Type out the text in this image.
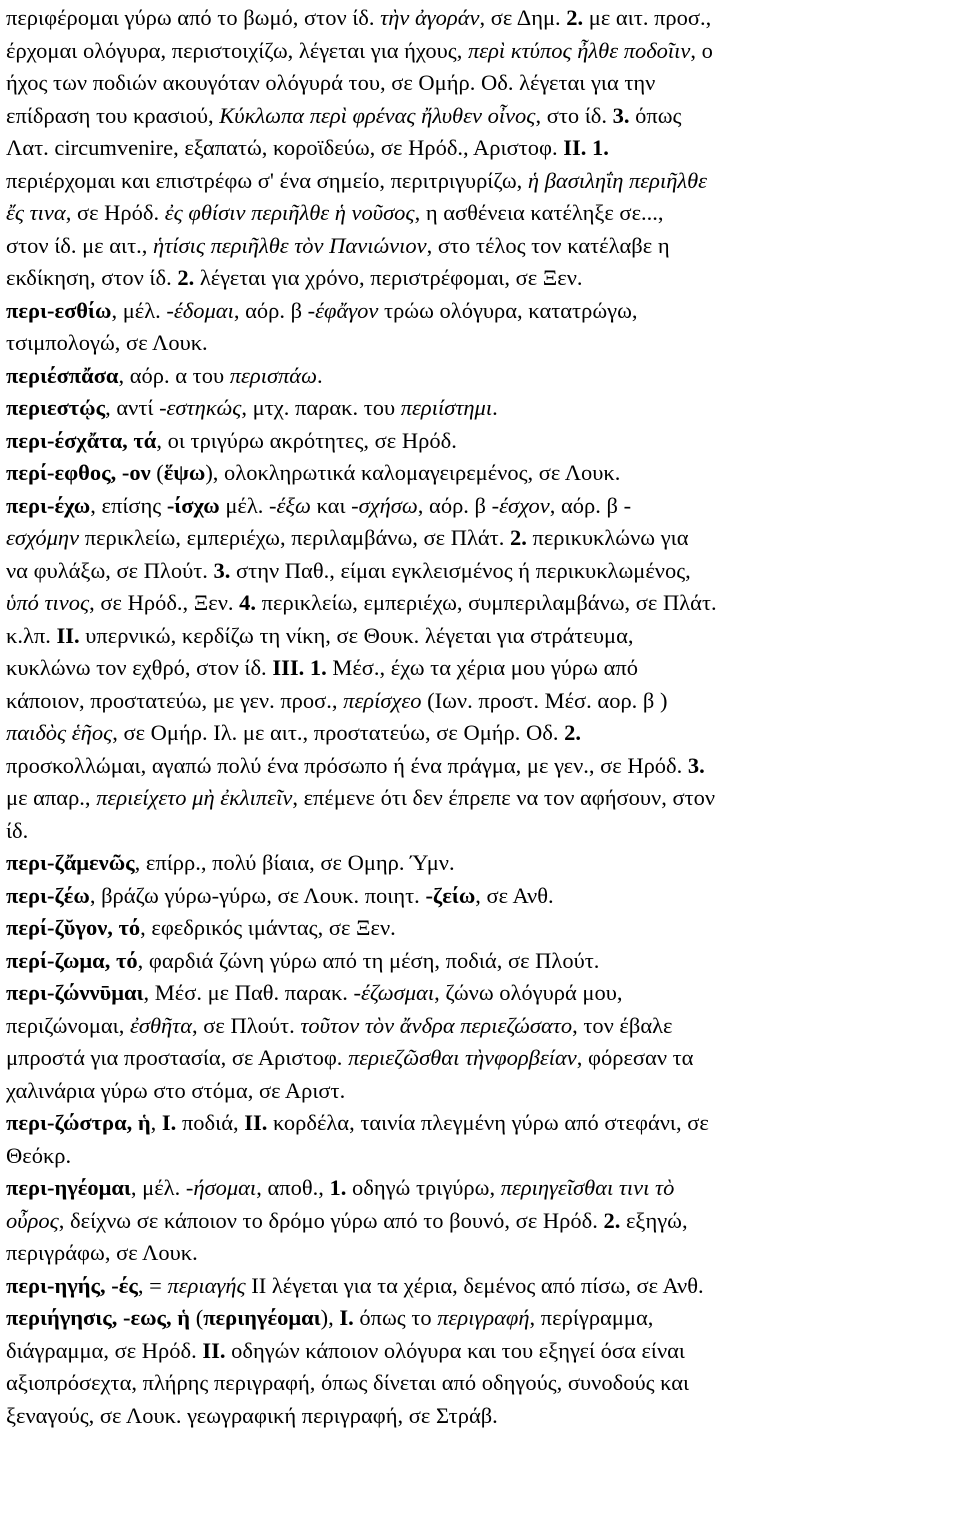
περιφέρομαι γύρω από το βωμό, στον ίδ. τὴν ἀγοράν, σε Δημ. 2. με αιτ. προσ.,
έρχομαι ολόγυρα, περιστοιχίζω, λέγεται για ήχους, περὶ κτύπος ἦλθε ποδοῖιν, ο
ήχος των ποδιών ακουγόταν ολόγυρά του, σε Ομήρ. Οδ. λέγεται για την
επίδραση του κρασιού, Κύκλωπα περὶ φρένας ἤλυθεν οἶνος, στο ίδ. 3. όπως
Λατ. circumvenire, εξαπατώ, κοροϊδεύω, σε Ηρόδ., Αριστοφ. II. 1.
περιέρχομαι και επιστρέφω σ' ένα σημείο, περιτριγυρίζω, ἡ βασιληΐη περιῆλθε
ἔς τινα, σε Ηρόδ. ἐς φθίσιν περιῆλθε ἡ νοῦσος, η ασθένεια κατέληξε σε...,
στον ίδ. με αιτ., ἡτίσις περιῆλθε τὸν Πανιώνιον, στο τέλος τον κατέλαβε η
εκδίκηση, στον ίδ. 2. λέγεται για χρόνο, περιστρέφομαι, σε Ξεν.
περι-εσθίω, μέλ. -έδομαι, αόρ. β -έφἄγον τρώω ολόγυρα, κατατρώγω,
τσιμπολογώ, σε Λουκ.
περιέσπἄσα, αόρ. α του περισπάω.
περιεστῴς, αντί -εστηκώς, μτχ. παρακ. του περιίστημι.
περι-έσχἄτα, τά, οι τριγύρω ακρότητες, σε Ηρόδ.
περί-εφθος, -ον (ἕψω), ολοκληρωτικά καλομαγειρεμένος, σε Λουκ.
περι-έχω, επίσης -ίσχω μέλ. -έξω και -σχήσω, αόρ. β -έσχον, αόρ. β -
εσχόμην περικλείω, εμπεριέχω, περιλαμβάνω, σε Πλάτ. 2. περικυκλώνω για
να φυλάξω, σε Πλούτ. 3. στην Παθ., είμαι εγκλεισμένος ή περικυκλωμένος,
ὑπό τινος, σε Ηρόδ., Ξεν. 4. περικλείω, εμπεριέχω, συμπεριλαμβάνω, σε Πλάτ.
κ.λπ. II. υπερνικώ, κερδίζω τη νίκη, σε Θουκ. λέγεται για στράτευμα,
κυκλώνω τον εχθρό, στον ίδ. III. 1. Μέσ., έχω τα χέρια μου γύρω από
κάποιον, προστατεύω, με γεν. προσ., περίσχεο (Ιων. προστ. Μέσ. αορ. β )
παιδὸς ἑῆος, σε Ομήρ. Ιλ. με αιτ., προστατεύω, σε Ομήρ. Οδ. 2.
προσκολλώμαι, αγαπώ πολύ ένα πρόσωπο ή ένα πράγμα, με γεν., σε Ηρόδ. 3.
με απαρ., περιείχετο μὴ ἐκλιπεῖν, επέμενε ότι δεν έπρεπε να τον αφήσουν, στον
ίδ.
περι-ζἄμενῶς, επίρρ., πολύ βίαια, σε Ομηρ. Ύμν.
περι-ζέω, βράζω γύρω-γύρω, σε Λουκ. ποιητ. -ζείω, σε Ανθ.
περί-ζῠγον, τό, εφεδρικός ιμάντας, σε Ξεν.
περί-ζωμα, τό, φαρδιά ζώνη γύρω από τη μέση, ποδιά, σε Πλούτ.
περι-ζώννῡμαι, Μέσ. με Παθ. παρακ. -έζωσμαι, ζώνω ολόγυρά μου,
περιζώνομαι, ἐσθῆτα, σε Πλούτ. τοῦτον τὸν ἄνδρα περιεζώσατο, τον έβαλε
μπροστά για προστασία, σε Αριστοφ. περιεζῶσθαι τὴνφορβείαν, φόρεσαν τα
χαλινάρια γύρω στο στόμα, σε Αριστ.
περι-ζώστρα, ἡ, I. ποδιά, II. κορδέλα, ταινία πλεγμένη γύρω από στεφάνι, σε
Θεόκρ.
περι-ηγέομαι, μέλ. -ήσομαι, αποθ., 1. οδηγώ τριγύρω, περιηγεῖσθαι τινι τὸ
οὖρος, δείχνω σε κάποιον το δρόμο γύρω από το βουνό, σε Ηρόδ. 2. εξηγώ,
περιγράφω, σε Λουκ.
περι-ηγής, -ές, = περιαγής II λέγεται για τα χέρια, δεμένος από πίσω, σε Ανθ.
περιήγησις, -εως, ἡ (περιηγέομαι), I. όπως το περιγραφή, περίγραμμα,
διάγραμμα, σε Ηρόδ. II. οδηγών κάποιον ολόγυρα και του εξηγεί όσα είναι
αξιοπρόσεχτα, πλήρης περιγραφή, όπως δίνεται από οδηγούς, συνοδούς και
ξεναγούς, σε Λουκ. γεωγραφική περιγραφή, σε Στράβ.
